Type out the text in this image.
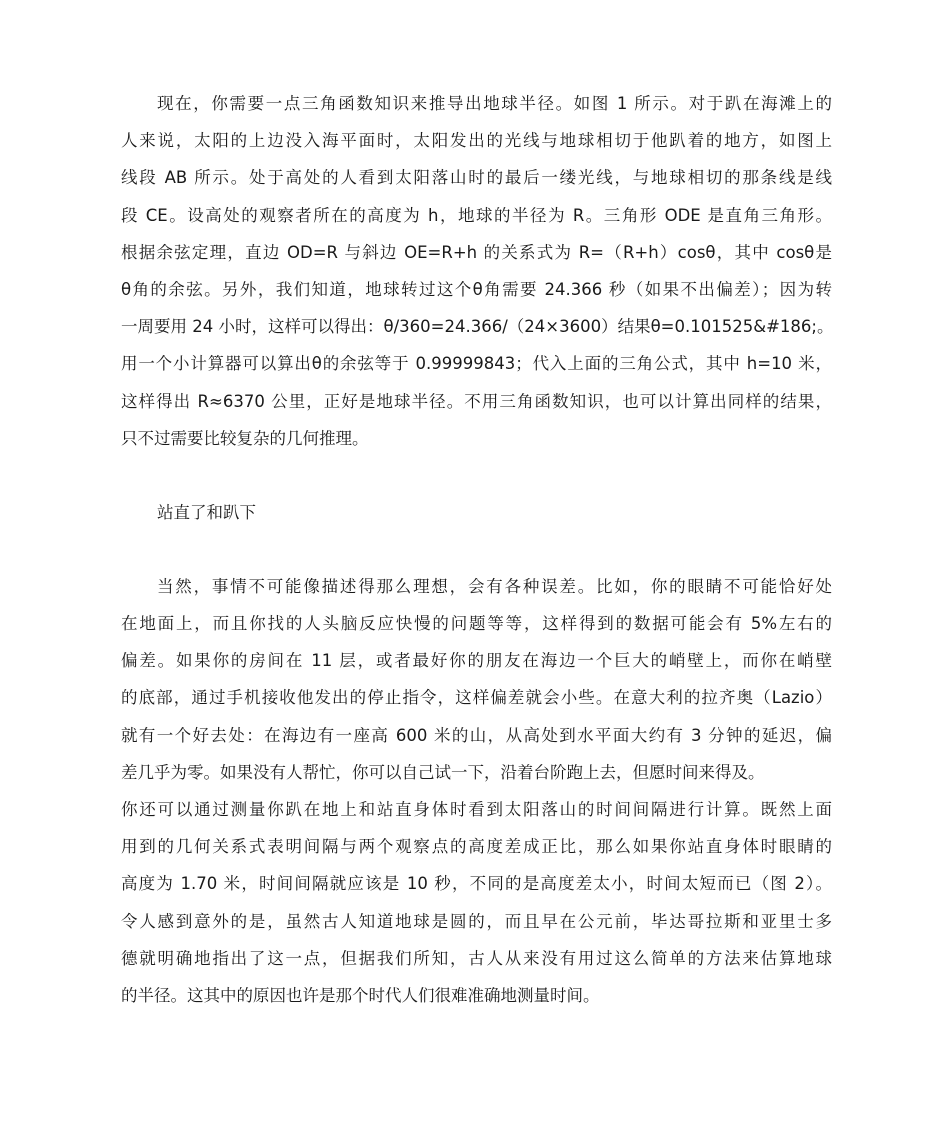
现在，你需要一点三角函数知识来推导出地球半径。如图 1 所示。对于趴在海滩上的
人来说，太阳的上边没入海平面时，太阳发出的光线与地球相切于他趴着的地方，如图上
线段 AB 所示。处于高处的人看到太阳落山时的最后一缕光线，与地球相切的那条线是线
段 CE。设高处的观察者所在的高度为 h，地球的半径为 R。三角形 ODE 是直角三角形。
根据余弦定理，直边 OD=R 与斜边 OE=R+h 的关系式为 R=（R+h）cosθ，其中 cosθ是
θ角的余弦。另外，我们知道，地球转过这个θ角需要 24.366 秒（如果不出偏差）；因为转
一周要用 24 小时，这样可以得出：θ/360=24.366/（24×3600）结果θ=0.101525&#186;。
用一个小计算器可以算出θ的余弦等于 0.99999843；代入上面的三角公式，其中 h=10 米，
这样得出 R≈6370 公里，正好是地球半径。不用三角函数知识，也可以计算出同样的结果，
只不过需要比较复杂的几何推理。
站直了和趴下
当然，事情不可能像描述得那么理想，会有各种误差。比如，你的眼睛不可能恰好处
在地面上，而且你找的人头脑反应快慢的问题等等，这样得到的数据可能会有 5%左右的
偏差。如果你的房间在 11 层，或者最好你的朋友在海边一个巨大的峭壁上，而你在峭壁
的底部，通过手机接收他发出的停止指令，这样偏差就会小些。在意大利的拉齐奥（Lazio）
就有一个好去处：在海边有一座高 600 米的山，从高处到水平面大约有 3 分钟的延迟，偏
差几乎为零。如果没有人帮忙，你可以自己试一下，沿着台阶跑上去，但愿时间来得及。
你还可以通过测量你趴在地上和站直身体时看到太阳落山的时间间隔进行计算。既然上面
用到的几何关系式表明间隔与两个观察点的高度差成正比，那么如果你站直身体时眼睛的
高度为 1.70 米，时间间隔就应该是 10 秒，不同的是高度差太小，时间太短而已（图 2）。
令人感到意外的是，虽然古人知道地球是圆的，而且早在公元前，毕达哥拉斯和亚里士多
德就明确地指出了这一点，但据我们所知，古人从来没有用过这么简单的方法来估算地球
的半径。这其中的原因也许是那个时代人们很难准确地测量时间。
